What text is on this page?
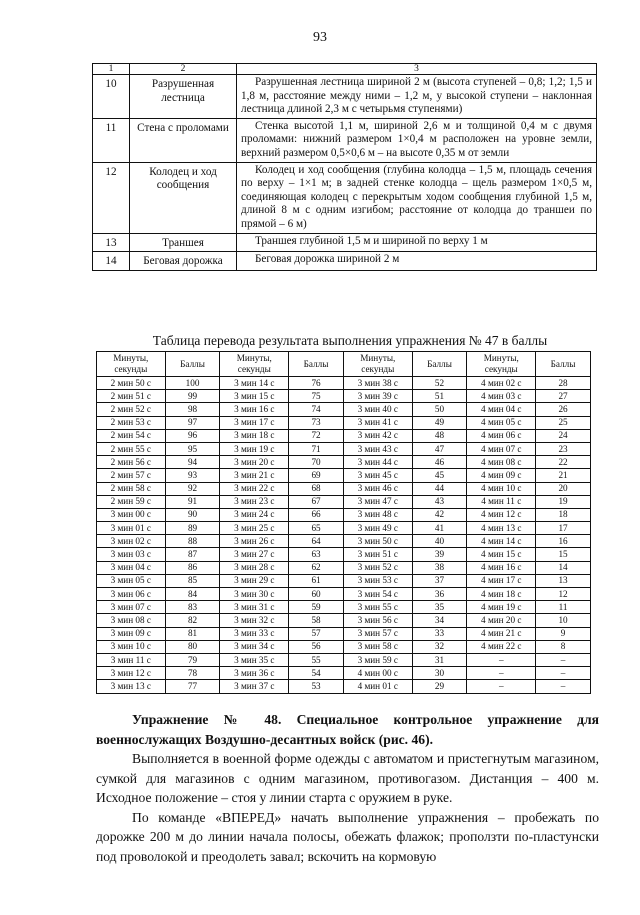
93
1	2	3
10	Разрушенная лестница	Разрушенная лестница шириной 2 м (высота ступеней – 0,8; 1,2; 1,5 и 1,8 м, расстояние между ними – 1,2 м, у высокой ступени – наклонная лестница длиной 2,3 м с четырьмя ступенями)
11	Стена с проломами	Стенка высотой 1,1 м, шириной 2,6 м и толщиной 0,4 м с двумя проломами: нижний размером 1×0,4 м расположен на уровне земли, верхний размером 0,5×0,6 м – на высоте 0,35 м от земли
12	Колодец и ход сообщения	Колодец и ход сообщения (глубина колодца – 1,5 м, площадь сечения по верху – 1×1 м; в задней стенке колодца – щель размером 1×0,5 м, соединяющая колодец с перекрытым ходом сообщения глубиной 1,5 м, длиной 8 м с одним изгибом; расстояние от колодца до траншеи по прямой – 6 м)
13	Траншея	Траншея глубиной 1,5 м и шириной по верху 1 м
14	Беговая дорожка	Беговая дорожка шириной 2 м
Таблица перевода результата выполнения упражнения № 47 в баллы
Минуты, секунды	Баллы	Минуты, секунды	Баллы	Минуты, секунды	Баллы	Минуты, секунды	Баллы
2 мин 50 с	100	3 мин 14 с	76	3 мин 38 с	52	4 мин 02 с	28
2 мин 51 с	99	3 мин 15 с	75	3 мин 39 с	51	4 мин 03 с	27
2 мин 52 с	98	3 мин 16 с	74	3 мин 40 с	50	4 мин 04 с	26
2 мин 53 с	97	3 мин 17 с	73	3 мин 41 с	49	4 мин 05 с	25
2 мин 54 с	96	3 мин 18 с	72	3 мин 42 с	48	4 мин 06 с	24
2 мин 55 с	95	3 мин 19 с	71	3 мин 43 с	47	4 мин 07 с	23
2 мин 56 с	94	3 мин 20 с	70	3 мин 44 с	46	4 мин 08 с	22
2 мин 57 с	93	3 мин 21 с	69	3 мин 45 с	45	4 мин 09 с	21
2 мин 58 с	92	3 мин 22 с	68	3 мин 46 с	44	4 мин 10 с	20
2 мин 59 с	91	3 мин 23 с	67	3 мин 47 с	43	4 мин 11 с	19
3 мин 00 с	90	3 мин 24 с	66	3 мин 48 с	42	4 мин 12 с	18
3 мин 01 с	89	3 мин 25 с	65	3 мин 49 с	41	4 мин 13 с	17
3 мин 02 с	88	3 мин 26 с	64	3 мин 50 с	40	4 мин 14 с	16
3 мин 03 с	87	3 мин 27 с	63	3 мин 51 с	39	4 мин 15 с	15
3 мин 04 с	86	3 мин 28 с	62	3 мин 52 с	38	4 мин 16 с	14
3 мин 05 с	85	3 мин 29 с	61	3 мин 53 с	37	4 мин 17 с	13
3 мин 06 с	84	3 мин 30 с	60	3 мин 54 с	36	4 мин 18 с	12
3 мин 07 с	83	3 мин 31 с	59	3 мин 55 с	35	4 мин 19 с	11
3 мин 08 с	82	3 мин 32 с	58	3 мин 56 с	34	4 мин 20 с	10
3 мин 09 с	81	3 мин 33 с	57	3 мин 57 с	33	4 мин 21 с	9
3 мин 10 с	80	3 мин 34 с	56	3 мин 58 с	32	4 мин 22 с	8
3 мин 11 с	79	3 мин 35 с	55	3 мин 59 с	31	–	–
3 мин 12 с	78	3 мин 36 с	54	4 мин 00 с	30	–	–
3 мин 13 с	77	3 мин 37 с	53	4 мин 01 с	29	–	–

Упражнение № 48. Специальное контрольное упражнение для военнослужащих Воздушно-десантных войск (рис. 46).

Выполняется в военной форме одежды с автоматом и пристегнутым магазином, сумкой для магазинов с одним магазином, противогазом. Дистанция – 400 м. Исходное положение – стоя у линии старта с оружием в руке.

По команде «ВПЕРЕД» начать выполнение упражнения – пробежать по дорожке 200 м до линии начала полосы, обежать флажок; проползти по-пластунски под проволокой и преодолеть завал; вскочить на кормовую
